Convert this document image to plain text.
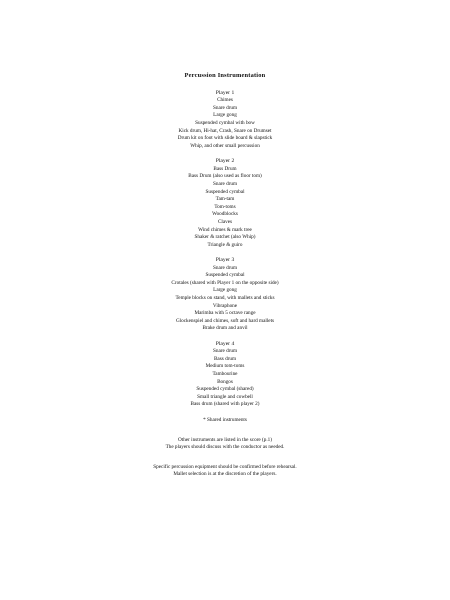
Percussion Instrumentation

Player 1

Chimes

Snare drum

Large gong

Suspended cymbal with bow

Kick drum, Hi-hat, Crash, Snare on Drumset

Drum kit on foot with slide board & slapstick

Whip, and other small percussion

Player 2

Bass Drum

Bass Drum (also used as floor tom)

Snare drum

Suspended cymbal

Tam-tam

Tom-toms

Woodblocks

Claves

Wind chimes & mark tree

Shaker & ratchet (also Whip)

Triangle & guiro

Player 3

Snare drum

Suspended cymbal

Crotales (shared with Player 1 on the opposite side)

Large gong

Temple blocks on stand, with mallets and sticks

Vibraphone

Marimba with 5 octave range

Glockenspiel and chimes, soft and hard mallets

Brake drum and anvil

Player 4

Snare drum

Bass drum

Medium tom-toms

Tambourine

Bongos

Suspended cymbal (shared)

Small triangle and cowbell

Bass drum (shared with player 2)

* Shared instruments

Other instruments are listed in the score (p.1)

The players should discuss with the conductor as needed.

Specific percussion equipment should be confirmed before rehearsal.

Mallet selection is at the discretion of the players.
